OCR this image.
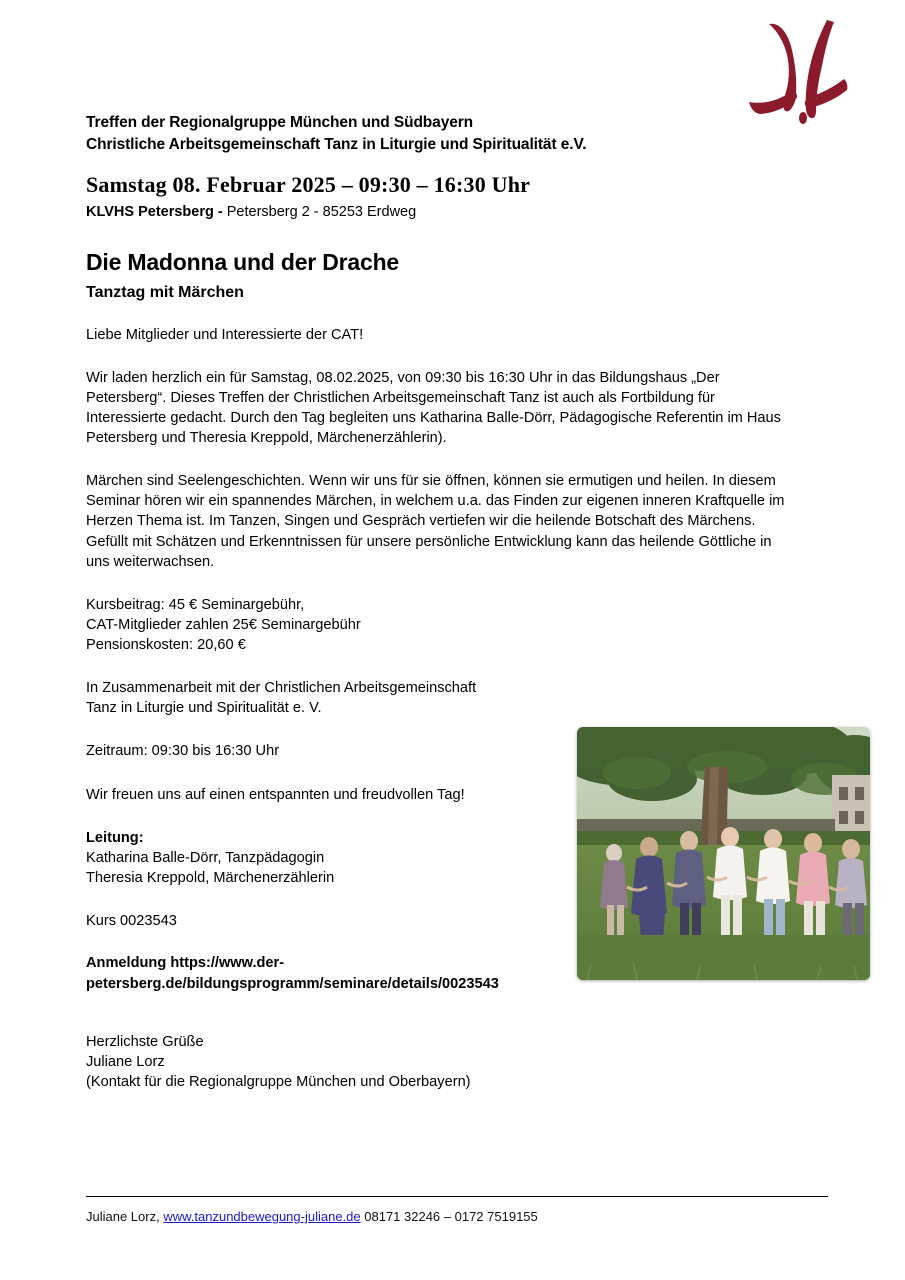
Treffen der Regionalgruppe München und Südbayern
Christliche Arbeitsgemeinschaft Tanz in Liturgie und Spiritualität e.V.
Samstag 08. Februar 2025 – 09:30 – 16:30 Uhr
KLVHS Petersberg - Petersberg 2 - 85253 Erdweg
Die Madonna und der Drache
Tanztag mit Märchen
Liebe Mitglieder und Interessierte der CAT!
Wir laden herzlich ein für Samstag, 08.02.2025, von 09:30 bis 16:30 Uhr in das Bildungshaus „Der Petersberg“. Dieses Treffen der Christlichen Arbeitsgemeinschaft Tanz ist auch als Fortbildung für Interessierte gedacht. Durch den Tag begleiten uns Katharina Balle-Dörr, Pädagogische Referentin im Haus Petersberg und Theresia Kreppold, Märchenerzählerin).
Märchen sind Seelengeschichten. Wenn wir uns für sie öffnen, können sie ermutigen und heilen. In diesem Seminar hören wir ein spannendes Märchen, in welchem u.a. das Finden zur eigenen inneren Kraftquelle im Herzen Thema ist. Im Tanzen, Singen und Gespräch vertiefen wir die heilende Botschaft des Märchens. Gefüllt mit Schätzen und Erkenntnissen für unsere persönliche Entwicklung kann das heilende Göttliche in uns weiterwachsen.
Kursbeitrag: 45 € Seminargebühr,
CAT-Mitglieder zahlen 25€ Seminargebühr
Pensionskosten: 20,60 €
In Zusammenarbeit mit der Christlichen Arbeitsgemeinschaft
Tanz in Liturgie und Spiritualität e. V.
Zeitraum: 09:30 bis 16:30 Uhr
Wir freuen uns auf einen entspannten und freudvollen Tag!
Leitung:
Katharina Balle-Dörr, Tanzpädagogin
Theresia Kreppold, Märchenerzählerin
Kurs 0023543
Anmeldung https://www.der-
petersberg.de/bildungsprogramm/seminare/details/0023543
Herzlichste Grüße
Juliane Lorz
(Kontakt für die Regionalgruppe München und Oberbayern)
Juliane Lorz, www.tanzundbewegung-juliane.de 08171 32246 – 0172 7519155
